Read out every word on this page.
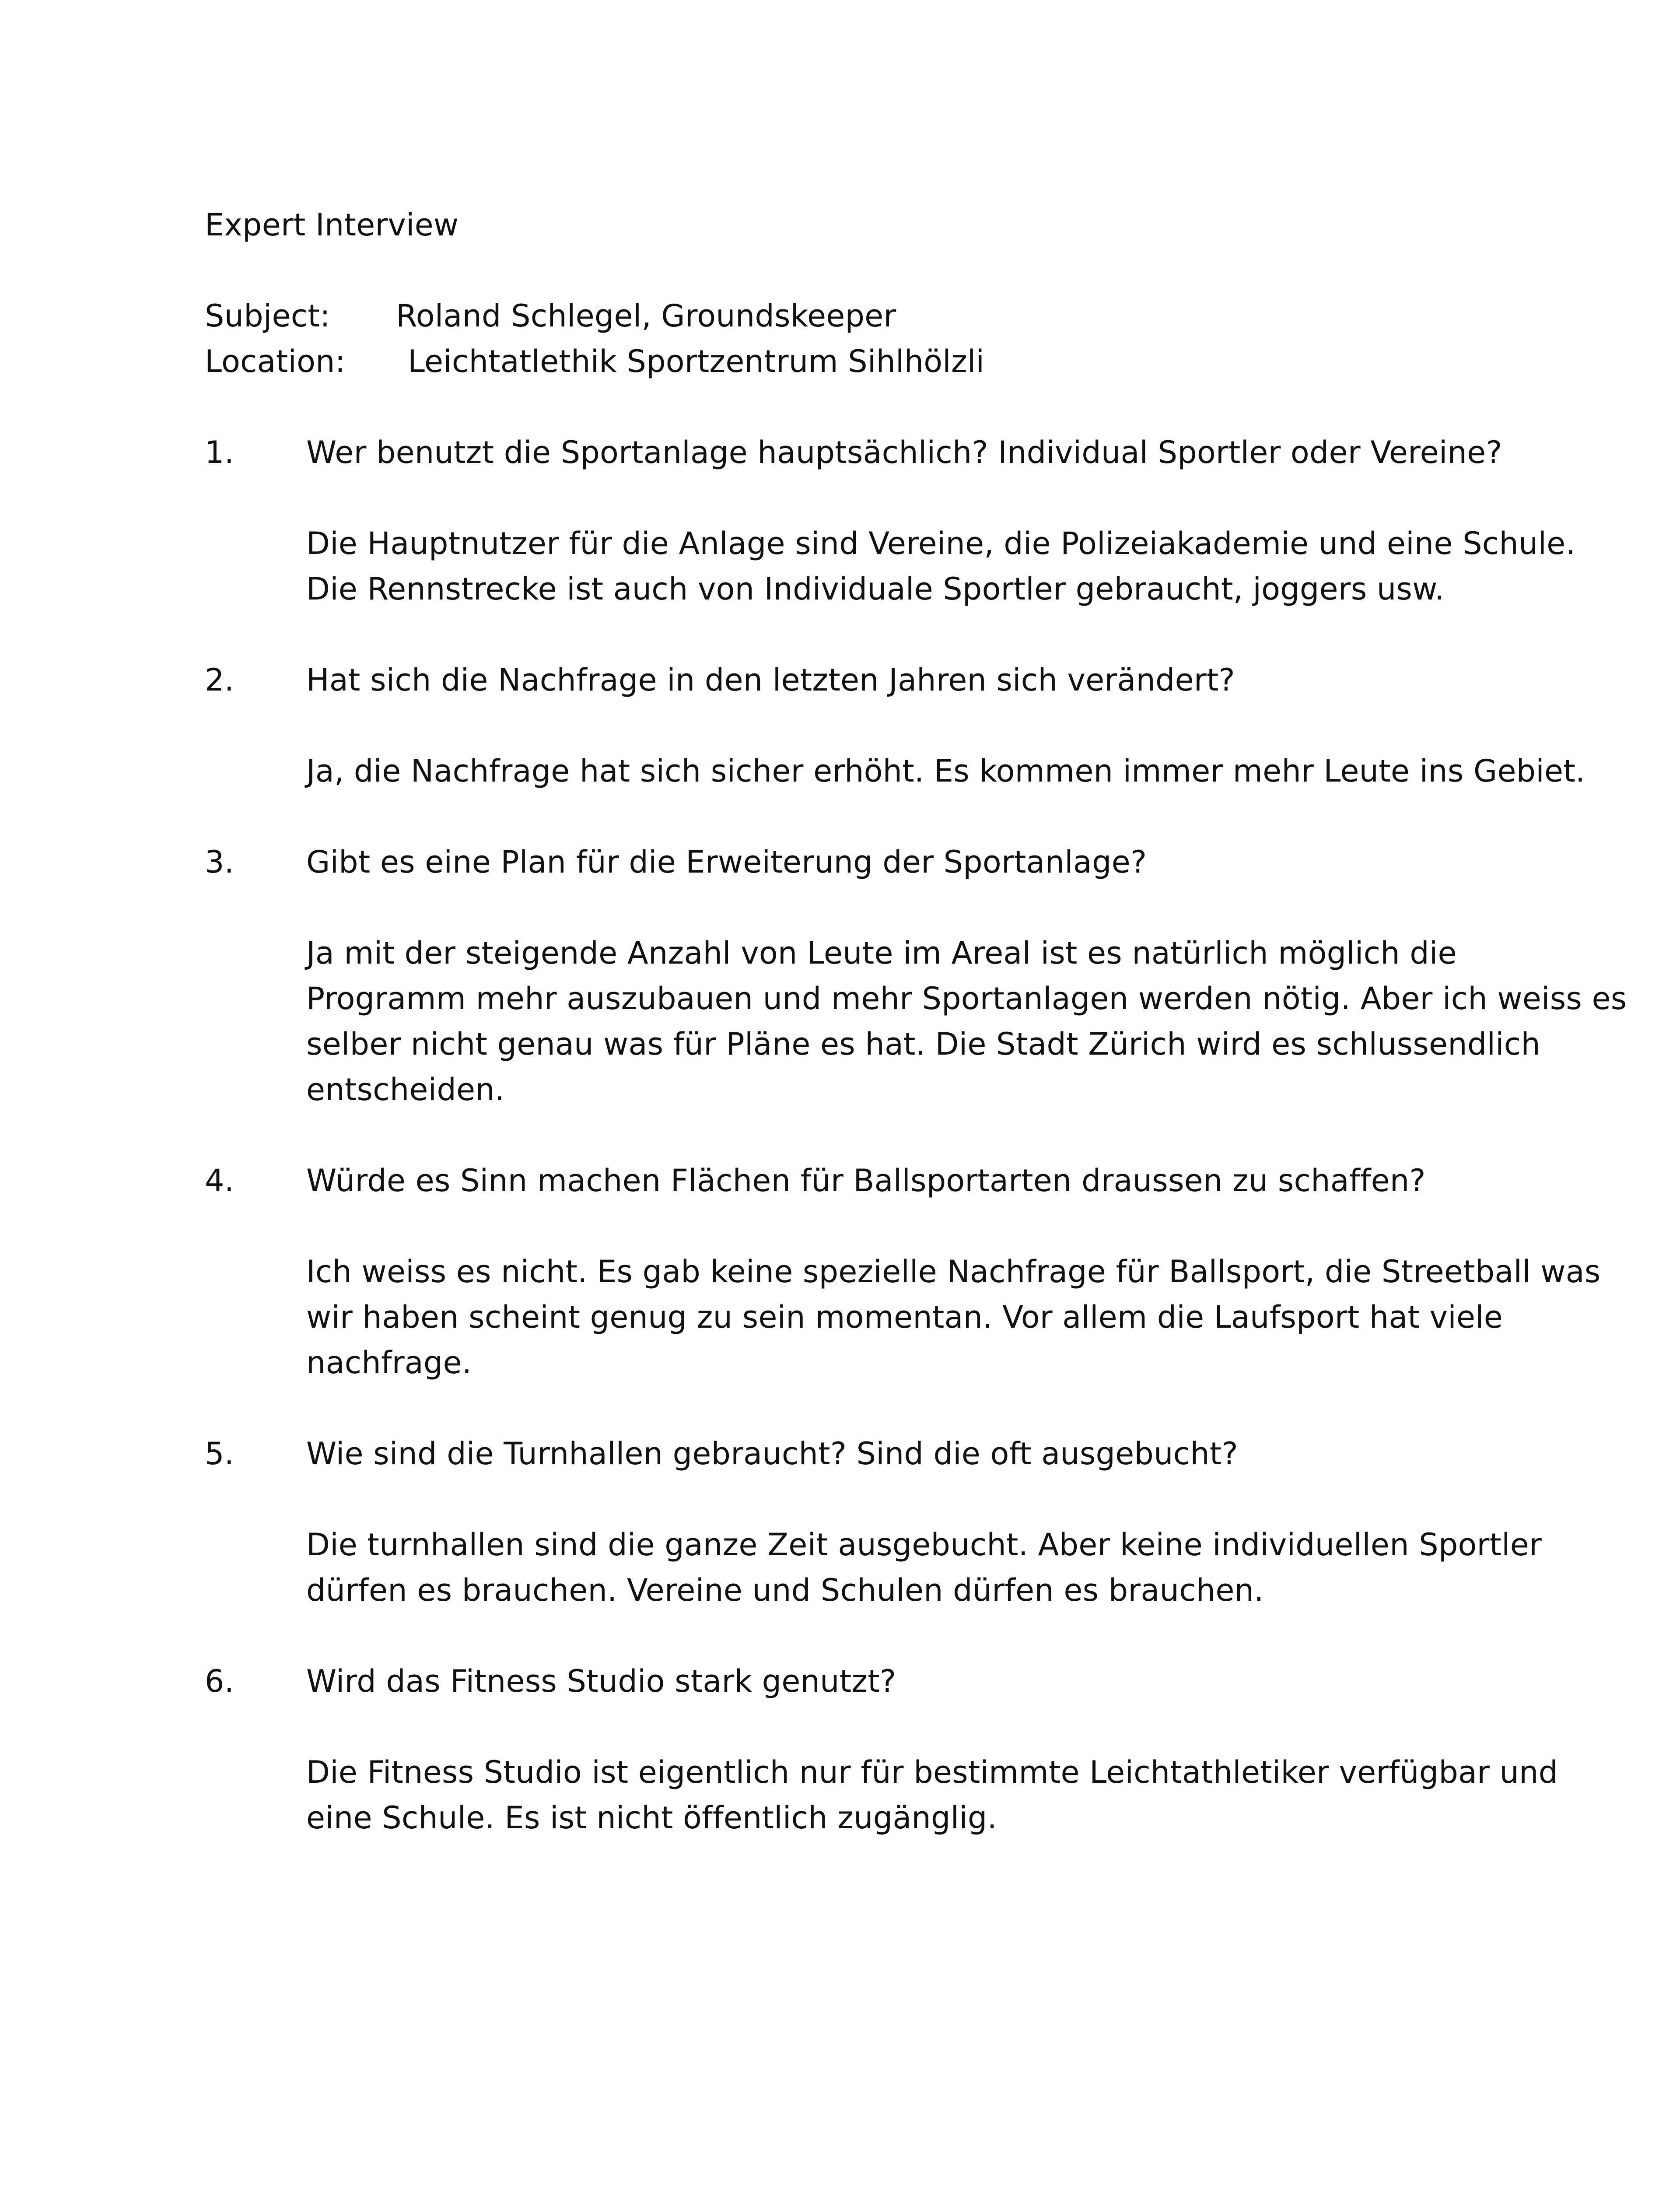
Expert Interview
Subject: Roland Schlegel, Groundskeeper
Location: Leichtatlethik Sportzentrum Sihlhölzli
1. Wer benutzt die Sportanlage hauptsächlich? Individual Sportler oder Vereine?
Die Hauptnutzer für die Anlage sind Vereine, die Polizeiakademie und eine Schule.
Die Rennstrecke ist auch von Individuale Sportler gebraucht, joggers usw.
2. Hat sich die Nachfrage in den letzten Jahren sich verändert?
Ja, die Nachfrage hat sich sicher erhöht. Es kommen immer mehr Leute ins Gebiet.
3. Gibt es eine Plan für die Erweiterung der Sportanlage?
Ja mit der steigende Anzahl von Leute im Areal ist es natürlich möglich die
Programm mehr auszubauen und mehr Sportanlagen werden nötig. Aber ich weiss es
selber nicht genau was für Pläne es hat. Die Stadt Zürich wird es schlussendlich
entscheiden.
4. Würde es Sinn machen Flächen für Ballsportarten draussen zu schaffen?
Ich weiss es nicht. Es gab keine spezielle Nachfrage für Ballsport, die Streetball was
wir haben scheint genug zu sein momentan. Vor allem die Laufsport hat viele
nachfrage.
5. Wie sind die Turnhallen gebraucht? Sind die oft ausgebucht?
Die turnhallen sind die ganze Zeit ausgebucht. Aber keine individuellen Sportler
dürfen es brauchen. Vereine und Schulen dürfen es brauchen.
6. Wird das Fitness Studio stark genutzt?
Die Fitness Studio ist eigentlich nur für bestimmte Leichtathletiker verfügbar und
eine Schule. Es ist nicht öffentlich zugänglig.
